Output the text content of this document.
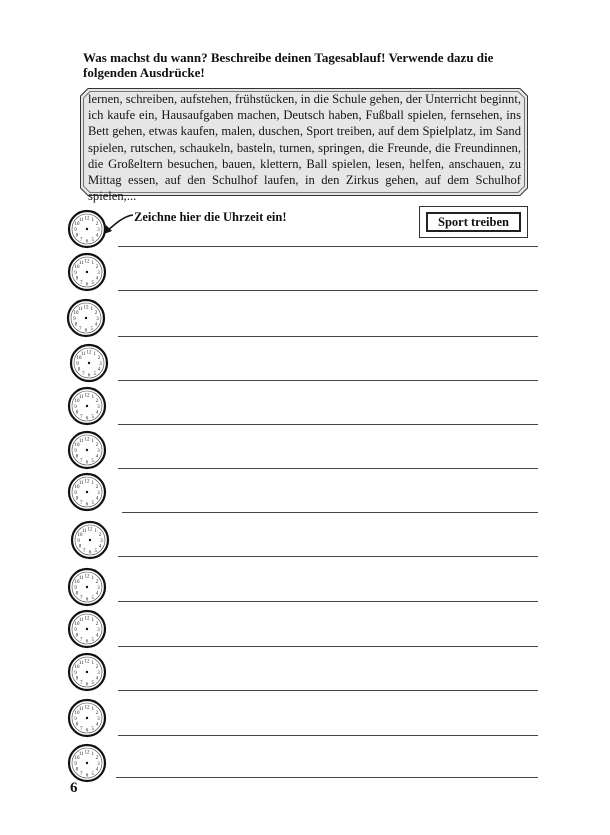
Was machst du wann? Beschreibe deinen Tagesablauf! Verwende dazu die folgenden Ausdrücke!
lernen, schreiben, aufstehen, frühstücken, in die Schule gehen, der Unterricht beginnt, ich kaufe ein, Hausaufgaben machen, Deutsch haben, Fußball spielen, fernsehen, ins Bett gehen, etwas kaufen, malen, duschen, Sport treiben, auf dem Spielplatz, im Sand spielen, rutschen, schaukeln, basteln, turnen, springen, die Freunde, die Freundinnen, die Großeltern besuchen, bauen, klettern, Ball spielen, lesen, helfen, anschauen, zu Mittag essen, auf den Schulhof laufen, in den Zirkus gehen, auf dem Schulhof spielen,...
Zeichne hier die Uhrzeit ein!	Sport treiben
12 1
2
3
4
5
6
7
8
9
10
11
12 1
2
3
4
5
6
7
8
9
10
11
12 1
2
3
4
5
6
7
8
9
10
11
12 1
2
3
4
5
6
7
8
9
10
11
12 1
2
3
4
5
6
7
8
9
10
11
12 1
2
3
4
5
6
7
8
9
10
11
12 1
2
3
4
5
6
7
8
9
10
11
12 1
2
3
4
5
6
7
8
9
10
11
12 1
2
3
4
5
6
7
8
9
10
11
12 1
2
3
4
5
6
7
8
9
10
11
12 1
2
3
4
5
6
7
8
9
10
11
12 1
2
3
4
5
6
7
8
9
10
11
12 1
2
3
4
5
6
7
8
9
10
11
6
